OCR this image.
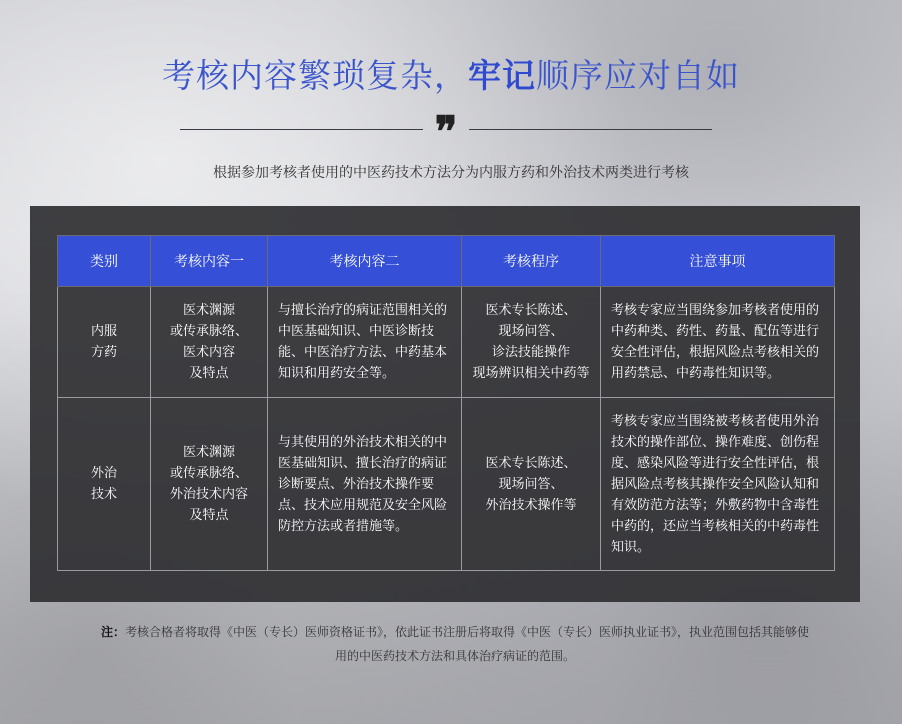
考核内容繁琐复杂，牢记顺序应对自如
❞
根据参加考核者使用的中医药技术方法分为内服方药和外治技术两类进行考核
类别	考核内容一	考核内容二	考核程序	注意事项
内服
方药	医术渊源
或传承脉络、
医术内容
及特点	与擅长治疗的病证范围相关的中医基础知识、中医诊断技能、中医治疗方法、中药基本知识和用药安全等。	医术专长陈述、
现场问答、
诊法技能操作
现场辨识相关中药等	考核专家应当围绕参加考核者使用的中药种类、药性、药量、配伍等进行安全性评估，根据风险点考核相关的用药禁忌、中药毒性知识等。
外治
技术	医术渊源
或传承脉络、
外治技术内容
及特点	与其使用的外治技术相关的中医基础知识、擅长治疗的病证诊断要点、外治技术操作要点、技术应用规范及安全风险防控方法或者措施等。	医术专长陈述、
现场问答、
外治技术操作等	考核专家应当围绕被考核者使用外治技术的操作部位、操作难度、创伤程度、感染风险等进行安全性评估，根据风险点考核其操作安全风险认知和有效防范方法等；外敷药物中含毒性中药的，还应当考核相关的中药毒性知识。
注：考核合格者将取得《中医（专长）医师资格证书》，依此证书注册后将取得《中医（专长）医师执业证书》，执业范围包括其能够使用的中医药技术方法和具体治疗病证的范围。
